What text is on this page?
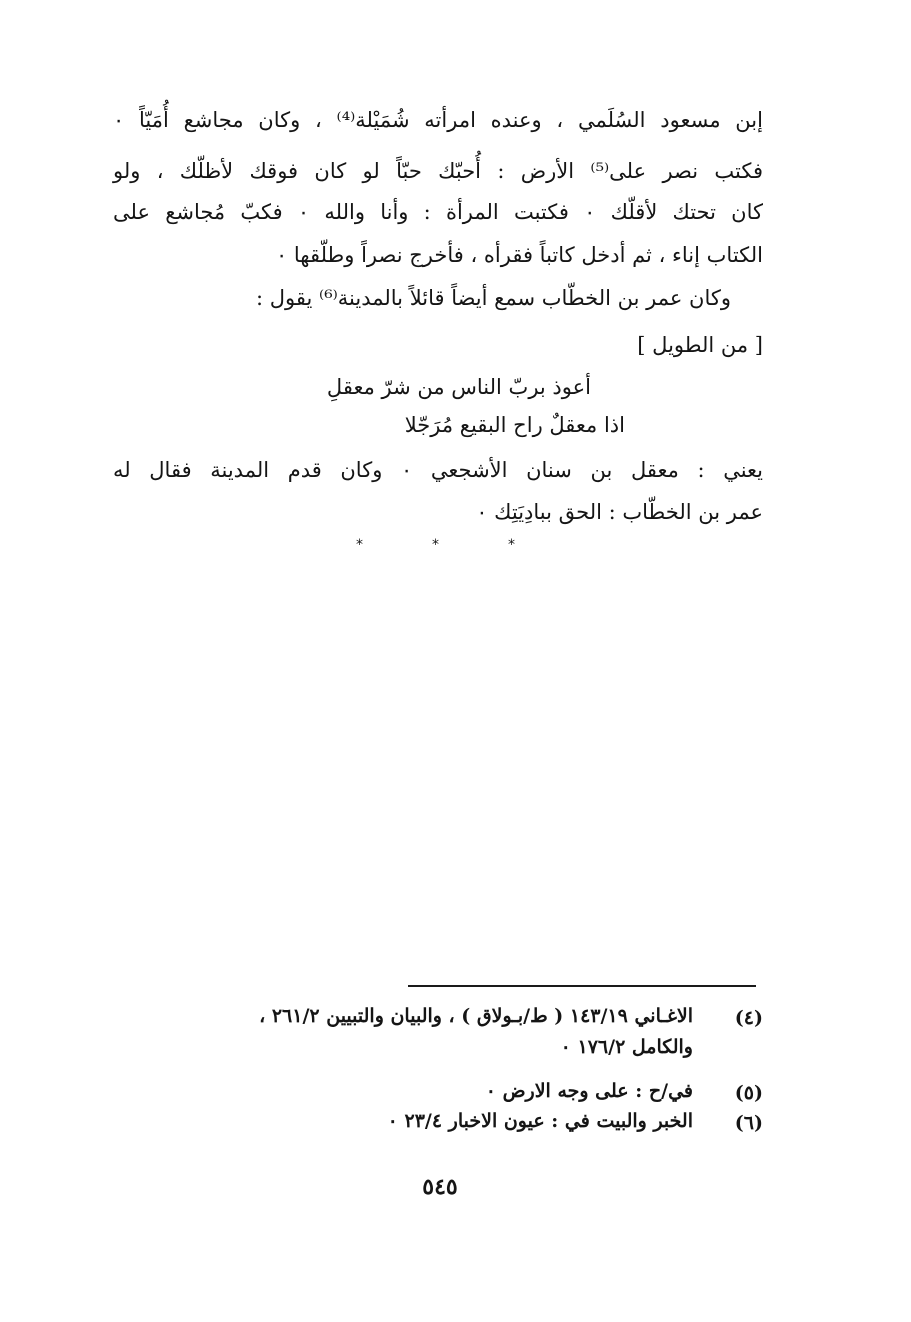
إبن مسعود السُلَمي ، وعنده امرأته شُمَيْلة⁽⁴⁾ ، وكان مجاشع أُمَيّاً ٠
فكتب نصر على⁽⁵⁾ الأرض : أُحبّك حبّاً لو كان فوقك لأظلّك ، ولو
كان تحتك لأقلّك ٠ فكتبت المرأة : وأنا والله ٠ فكبّ مُجاشع على
الكتاب إناء ، ثم أدخل كاتباً فقرأه ، فأخرج نصراً وطلّقها ٠
وكان عمر بن الخطّاب سمع أيضاً قائلاً بالمدينة⁽⁶⁾ يقول :
[ من الطويل ]
أعوذ بربّ الناس من شرّ معقلِ
اذا معقلٌ راح البقيع مُرَجّلا
يعني : معقل بن سنان الأشجعي ٠ وكان قدم المدينة فقال له
عمر بن الخطّاب : الحق ببادِيَتِك ٠
*	*	*
(٤)
الاغـاني ١٤٣/١٩ ( ط/بـولاق ) ، والبيان والتبيين ٢٦١/٢ ،
والكامل ١٧٦/٢ ٠
(٥)
في/ح : على وجه الارض ٠
(٦)
الخبر والبيت في : عيون الاخبار ٢٣/٤ ٠
٥٤٥
